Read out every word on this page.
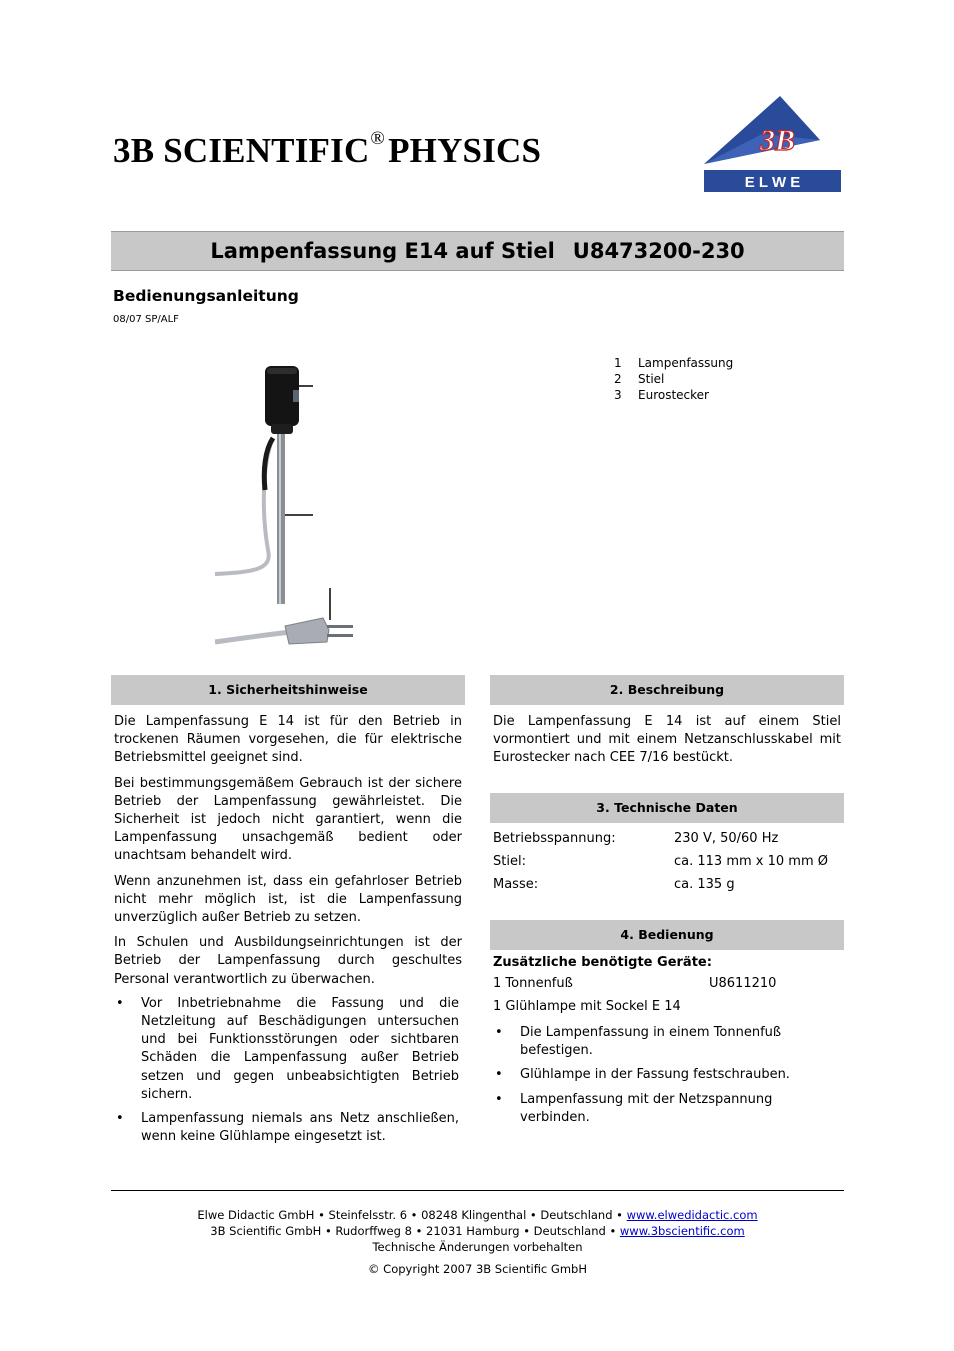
3B SCIENTIFIC®PHYSICS	3B ®
E L W E
Lampenfassung E14 auf Stiel U8473200-230
Bedienungsanleitung
08/07 SP/ALF
1	Lampenfassung
2	Stiel
3	Eurostecker
1. Sicherheitshinweise

Die Lampenfassung E 14 ist für den Betrieb in trockenen Räumen vorgesehen, die für elektrische Betriebsmittel geeignet sind.

Bei bestimmungsgemäßem Gebrauch ist der sichere Betrieb der Lampenfassung gewährleistet. Die Sicherheit ist jedoch nicht garantiert, wenn die Lampenfassung unsachgemäß bedient oder unachtsam behandelt wird.

Wenn anzunehmen ist, dass ein gefahrloser Betrieb nicht mehr möglich ist, ist die Lampenfassung unverzüglich außer Betrieb zu setzen.

In Schulen und Ausbildungseinrichtungen ist der Betrieb der Lampenfassung durch geschultes Personal verantwortlich zu überwachen.

• Vor Inbetriebnahme die Fassung und die Netzleitung auf Beschädigungen untersuchen und bei Funktionsstörungen oder sichtbaren Schäden die Lampenfassung außer Betrieb setzen und gegen unbeabsichtigten Betrieb sichern.
• Lampenfassung niemals ans Netz anschließen, wenn keine Glühlampe eingesetzt ist.
2. Beschreibung
Die Lampenfassung E 14 ist auf einem Stiel vormontiert und mit einem Netzanschlusskabel mit Eurostecker nach CEE 7/16 bestückt.
3. Technische Daten
Betriebsspannung:	230 V, 50/60 Hz
Stiel:	ca. 113 mm x 10 mm Ø
Masse:	ca. 135 g
4. Bedienung
Zusätzliche benötigte Geräte:
1 Tonnenfuß	U8611210
1 Glühlampe mit Sockel E 14
• Die Lampenfassung in einem Tonnenfuß befestigen.
• Glühlampe in der Fassung festschrauben.
• Lampenfassung mit der Netzspannung verbinden.
Elwe Didactic GmbH • Steinfelsstr. 6 • 08248 Klingenthal • Deutschland • www.elwedidactic.com
3B Scientific GmbH • Rudorffweg 8 • 21031 Hamburg • Deutschland • www.3bscientific.com
Technische Änderungen vorbehalten
© Copyright 2007 3B Scientific GmbH
